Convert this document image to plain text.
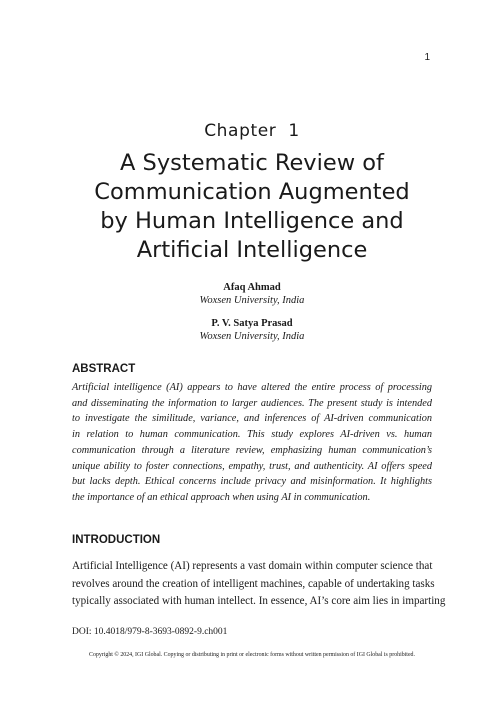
1
Chapter  1
A Systematic Review of
Communication Augmented
by Human Intelligence and
Artificial Intelligence
Afaq Ahmad
Woxsen University, India
P. V. Satya Prasad
Woxsen University, India
ABSTRACT
Artificial intelligence (AI) appears to have altered the entire process of processing
and disseminating the information to larger audiences. The present study is intended
to investigate the similitude, variance, and inferences of AI-driven communication
in relation to human communication. This study explores AI-driven vs. human
communication through a literature review, emphasizing human communication’s
unique ability to foster connections, empathy, trust, and authenticity. AI offers speed
but lacks depth. Ethical concerns include privacy and misinformation. It highlights
the importance of an ethical approach when using AI in communication.
INTRODUCTION
Artificial Intelligence (AI) represents a vast domain within computer science that
revolves around the creation of intelligent machines, capable of undertaking tasks
typically associated with human intellect. In essence, AI’s core aim lies in imparting
DOI: 10.4018/979-8-3693-0892-9.ch001
Copyright © 2024, IGI Global. Copying or distributing in print or electronic forms without written permission of IGI Global is prohibited.
